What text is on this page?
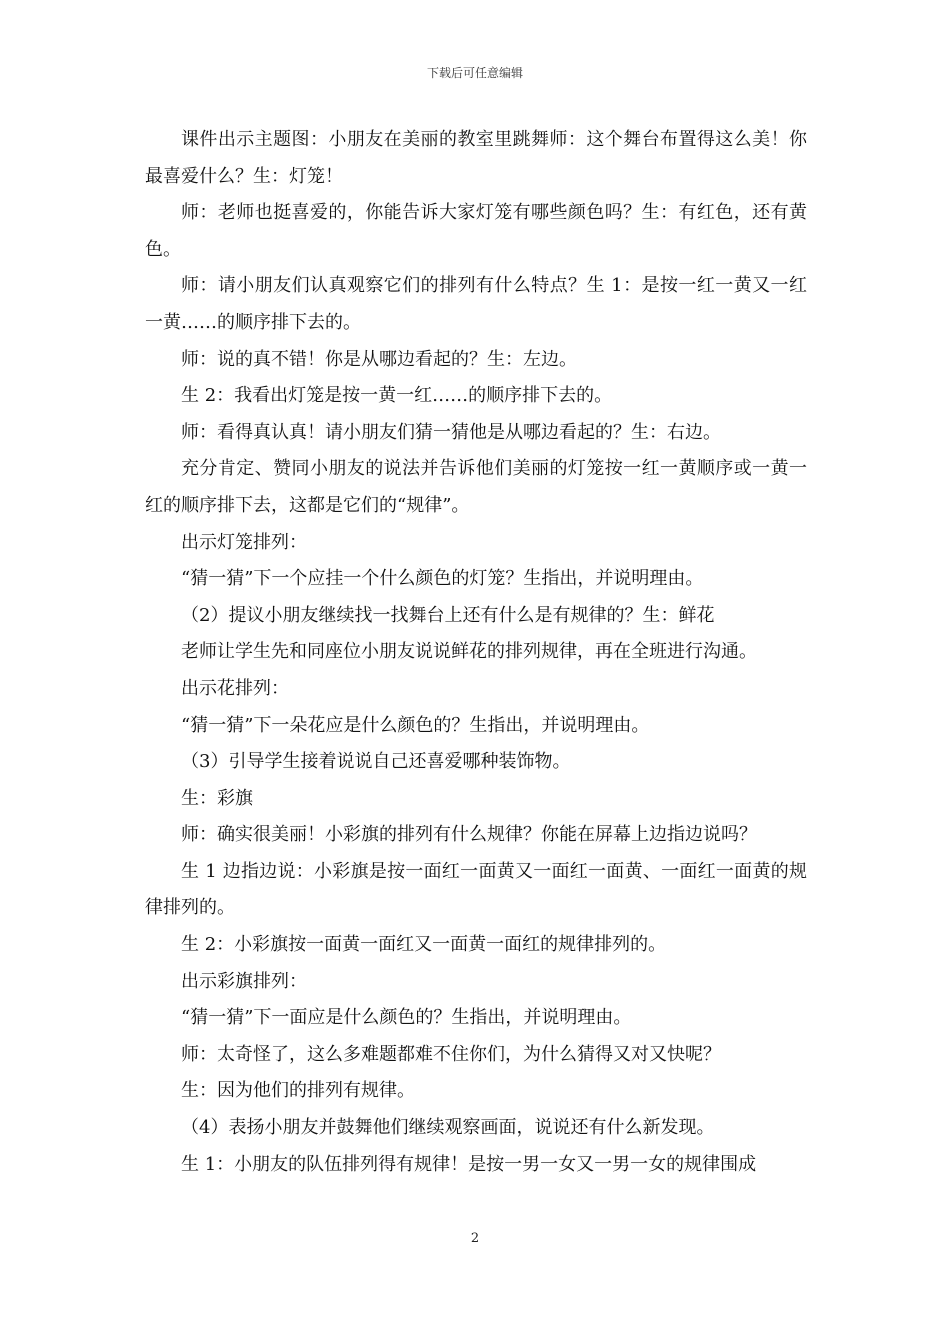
下载后可任意编辑

课件出示主题图：小朋友在美丽的教室里跳舞师：这个舞台布置得这么美！你最喜爱什么？生：灯笼！

师：老师也挺喜爱的，你能告诉大家灯笼有哪些颜色吗？生：有红色，还有黄色。

师：请小朋友们认真观察它们的排列有什么特点？生 1：是按一红一黄又一红一黄……的顺序排下去的。

师：说的真不错！你是从哪边看起的？生：左边。

生 2：我看出灯笼是按一黄一红……的顺序排下去的。

师：看得真认真！请小朋友们猜一猜他是从哪边看起的？生：右边。

充分肯定、赞同小朋友的说法并告诉他们美丽的灯笼按一红一黄顺序或一黄一红的顺序排下去，这都是它们的“规律”。

出示灯笼排列：

“猜一猜”下一个应挂一个什么颜色的灯笼？生指出，并说明理由。

（2）提议小朋友继续找一找舞台上还有什么是有规律的？生：鲜花

老师让学生先和同座位小朋友说说鲜花的排列规律，再在全班进行沟通。

出示花排列：

“猜一猜”下一朵花应是什么颜色的？生指出，并说明理由。

（3）引导学生接着说说自己还喜爱哪种装饰物。

生：彩旗

师：确实很美丽！小彩旗的排列有什么规律？你能在屏幕上边指边说吗？

生 1 边指边说：小彩旗是按一面红一面黄又一面红一面黄、一面红一面黄的规律排列的。

生 2：小彩旗按一面黄一面红又一面黄一面红的规律排列的。

出示彩旗排列：

“猜一猜”下一面应是什么颜色的？生指出，并说明理由。

师：太奇怪了，这么多难题都难不住你们，为什么猜得又对又快呢？

生：因为他们的排列有规律。

（4）表扬小朋友并鼓舞他们继续观察画面，说说还有什么新发现。

生 1：小朋友的队伍排列得有规律！是按一男一女又一男一女的规律围成

2
